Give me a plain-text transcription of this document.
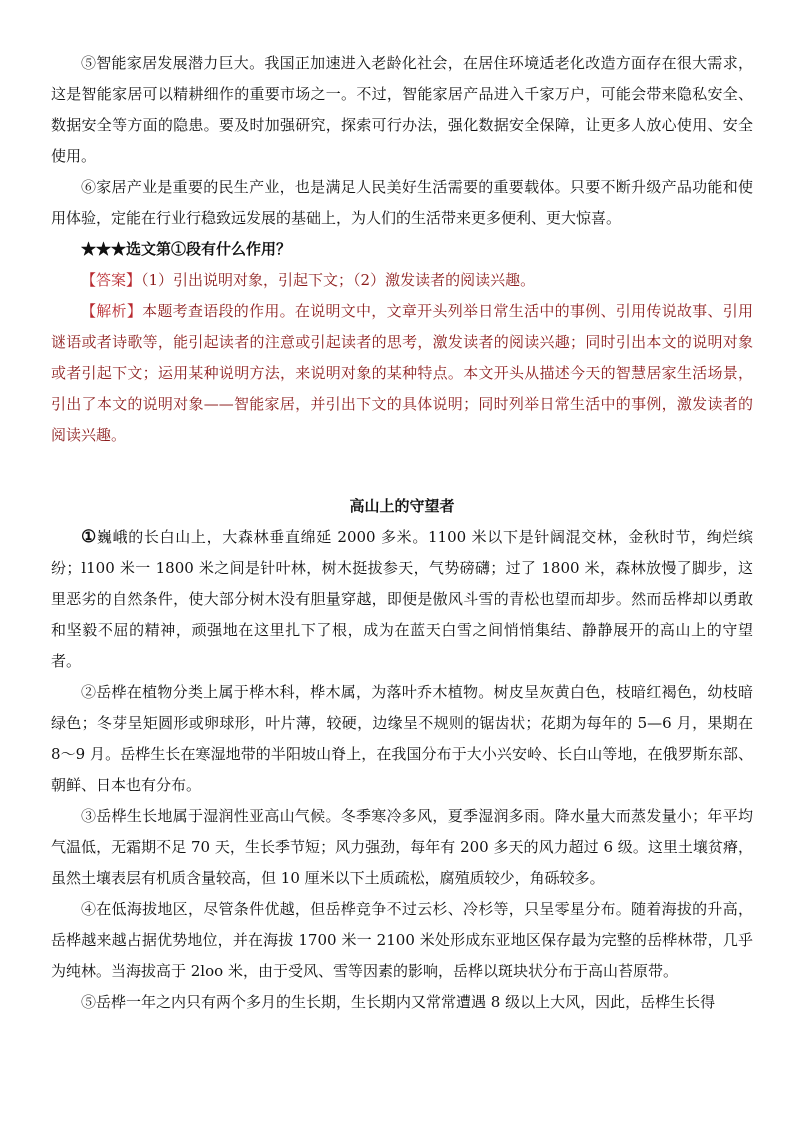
⑤智能家居发展潜力巨大。我国正加速进入老龄化社会，在居住环境适老化改造方面存在很大需求，这是智能家居可以精耕细作的重要市场之一。不过，智能家居产品进入千家万户，可能会带来隐私安全、数据安全等方面的隐患。要及时加强研究，探索可行办法，强化数据安全保障，让更多人放心使用、安全使用。

⑥家居产业是重要的民生产业，也是满足人民美好生活需要的重要载体。只要不断升级产品功能和使用体验，定能在行业行稳致远发展的基础上，为人们的生活带来更多便利、更大惊喜。

★★★选文第①段有什么作用？

【答案】（1）引出说明对象，引起下文；（2）激发读者的阅读兴趣。

【解析】本题考查语段的作用。在说明文中，文章开头列举日常生活中的事例、引用传说故事、引用谜语或者诗歌等，能引起读者的注意或引起读者的思考，激发读者的阅读兴趣；同时引出本文的说明对象或者引起下文；运用某种说明方法，来说明对象的某种特点。本文开头从描述今天的智慧居家生活场景，引出了本文的说明对象——智能家居，并引出下文的具体说明；同时列举日常生活中的事例，激发读者的阅读兴趣。

高山上的守望者

①巍峨的长白山上，大森林垂直绵延 2000 多米。1100 米以下是针阔混交林，金秋时节，绚烂缤纷；l100 米一 1800 米之间是针叶林，树木挺拔参天，气势磅礴；过了 1800 米，森林放慢了脚步，这里恶劣的自然条件，使大部分树木没有胆量穿越，即便是傲风斗雪的青松也望而却步。然而岳桦却以勇敢和坚毅不屈的精神，顽强地在这里扎下了根，成为在蓝天白雪之间悄悄集结、静静展开的高山上的守望者。

②岳桦在植物分类上属于桦木科，桦木属，为落叶乔木植物。树皮呈灰黄白色，枝暗红褐色，幼枝暗绿色；冬芽呈矩圆形或卵球形，叶片薄，较硬，边缘呈不规则的锯齿状；花期为每年的 5—6 月，果期在 8～9 月。岳桦生长在寒湿地带的半阳坡山脊上，在我国分布于大小兴安岭、长白山等地，在俄罗斯东部、朝鲜、日本也有分布。

③岳桦生长地属于湿润性亚高山气候。冬季寒冷多风，夏季湿润多雨。降水量大而蒸发量小；年平均气温低，无霜期不足 70 天，生长季节短；风力强劲，每年有 200 多天的风力超过 6 级。这里土壤贫瘠，虽然土壤表层有机质含量较高，但 10 厘米以下土质疏松，腐殖质较少，角砾较多。

④在低海拔地区，尽管条件优越，但岳桦竞争不过云杉、冷杉等，只呈零星分布。随着海拔的升高，岳桦越来越占据优势地位，并在海拔 1700 米一 2100 米处形成东亚地区保存最为完整的岳桦林带，几乎为纯林。当海拔高于 2loo 米，由于受风、雪等因素的影响，岳桦以斑块状分布于高山苔原带。

⑤岳桦一年之内只有两个多月的生长期，生长期内又常常遭遇 8 级以上大风，因此，岳桦生长得
